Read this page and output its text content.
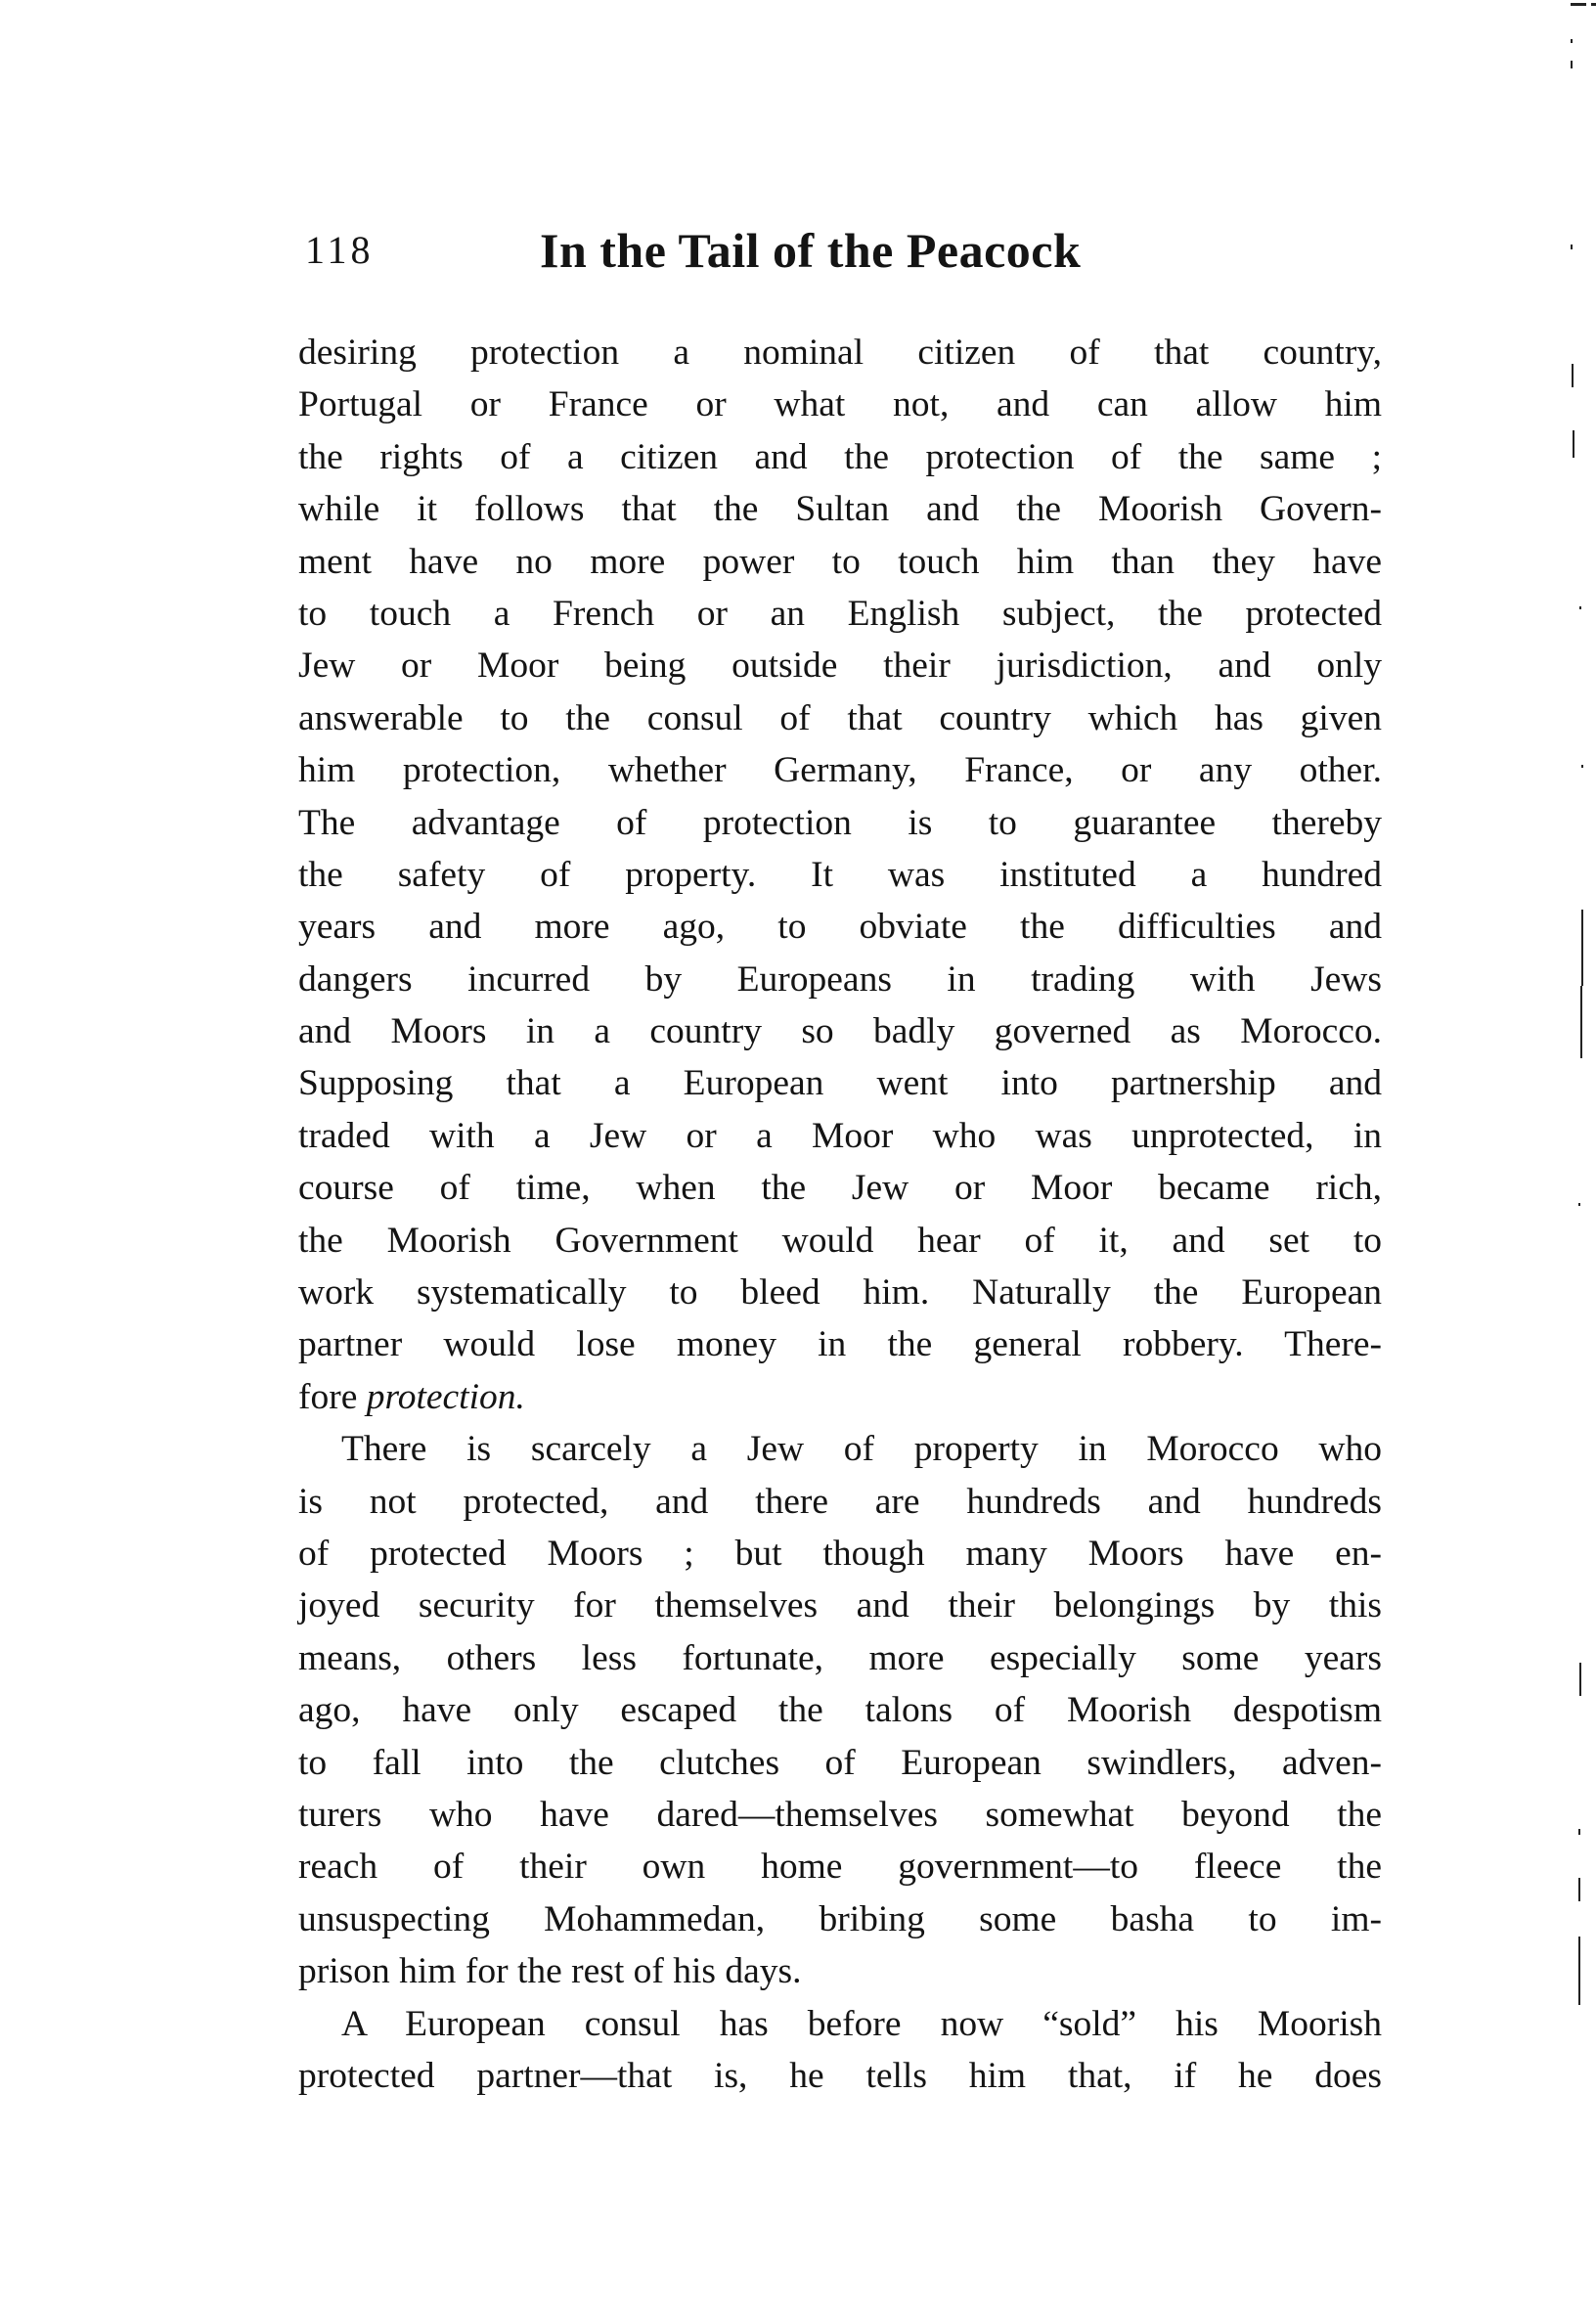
118	In the Tail of the Peacock
desiring protection a nominal citizen of that country,
Portugal or France or what not, and can allow him
the rights of a citizen and the protection of the same ;
while it follows that the Sultan and the Moorish Govern-
ment have no more power to touch him than they have
to touch a French or an English subject, the protected
Jew or Moor being outside their jurisdiction, and only
answerable to the consul of that country which has given
him protection, whether Germany, France, or any other.
The advantage of protection is to guarantee thereby
the safety of property. It was instituted a hundred
years and more ago, to obviate the difficulties and
dangers incurred by Europeans in trading with Jews
and Moors in a country so badly governed as Morocco.
Supposing that a European went into partnership and
traded with a Jew or a Moor who was unprotected, in
course of time, when the Jew or Moor became rich,
the Moorish Government would hear of it, and set to
work systematically to bleed him. Naturally the European
partner would lose money in the general robbery. There-
fore protection.
There is scarcely a Jew of property in Morocco who
is not protected, and there are hundreds and hundreds
of protected Moors ; but though many Moors have en-
joyed security for themselves and their belongings by this
means, others less fortunate, more especially some years
ago, have only escaped the talons of Moorish despotism
to fall into the clutches of European swindlers, adven-
turers who have dared—themselves somewhat beyond the
reach of their own home government—to fleece the
unsuspecting Mohammedan, bribing some basha to im-
prison him for the rest of his days.
A European consul has before now “sold” his Moorish
protected partner—that is, he tells him that, if he does
